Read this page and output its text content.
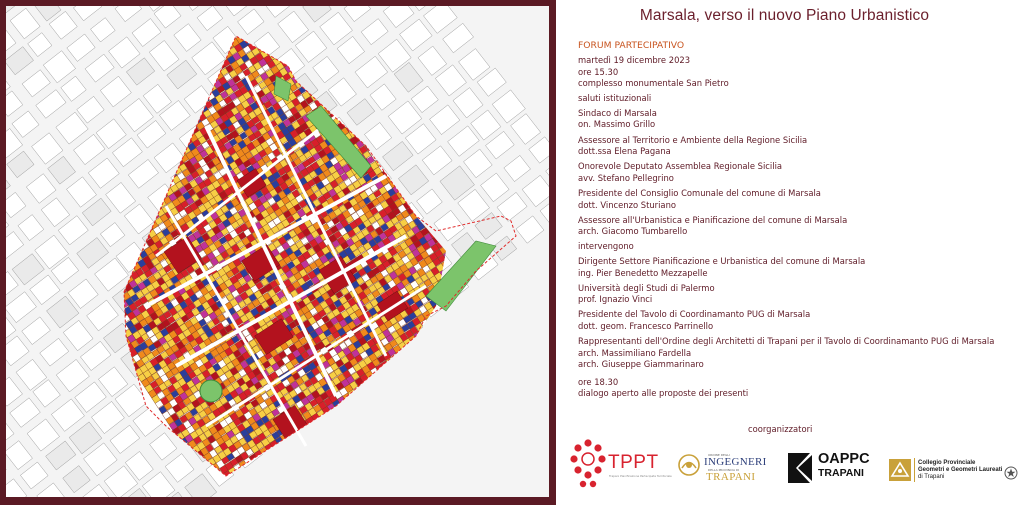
Marsala, verso il nuovo Piano Urbanistico
FORUM PARTECIPATIVO
martedì 19 dicembre 2023
ore 15.30
complesso monumentale San Pietro
saluti istituzionali
Sindaco di Marsala
on. Massimo Grillo
Assessore al Territorio e Ambiente della Regione Sicilia
dott.ssa Elena Pagana
Onorevole Deputato Assemblea Regionale Sicilia
avv. Stefano Pellegrino
Presidente del Consiglio Comunale del comune di Marsala
dott. Vincenzo Sturiano
Assessore all'Urbanistica e Pianificazione del comune di Marsala
arch. Giacomo Tumbarello
intervengono
Dirigente Settore Pianificazione e Urbanistica del comune di Marsala
ing. Pier Benedetto Mezzapelle
Università degli Studi di Palermo
prof. Ignazio Vinci
Presidente del Tavolo di Coordinamanto PUG di Marsala
dott. geom. Francesco Parrinello
Rappresentanti dell'Ordine degli Architetti di Trapani per il Tavolo di Coordinamanto PUG di Marsala
arch. Massimiliano Fardella
arch. Giuseppe Giammarinaro
ore 18.30
dialogo aperto alle proposte dei presenti
coorganizzatori
TPPT
Trapani Pianificazione Partecipata Territoriale
ORDINE DEGLI
INGEGNERI
DELLA PROVINCIA DI
TRAPANI
OAPPC
TRAPANI
Collegio Provinciale
Geometri e Geometri Laureati
di Trapani
